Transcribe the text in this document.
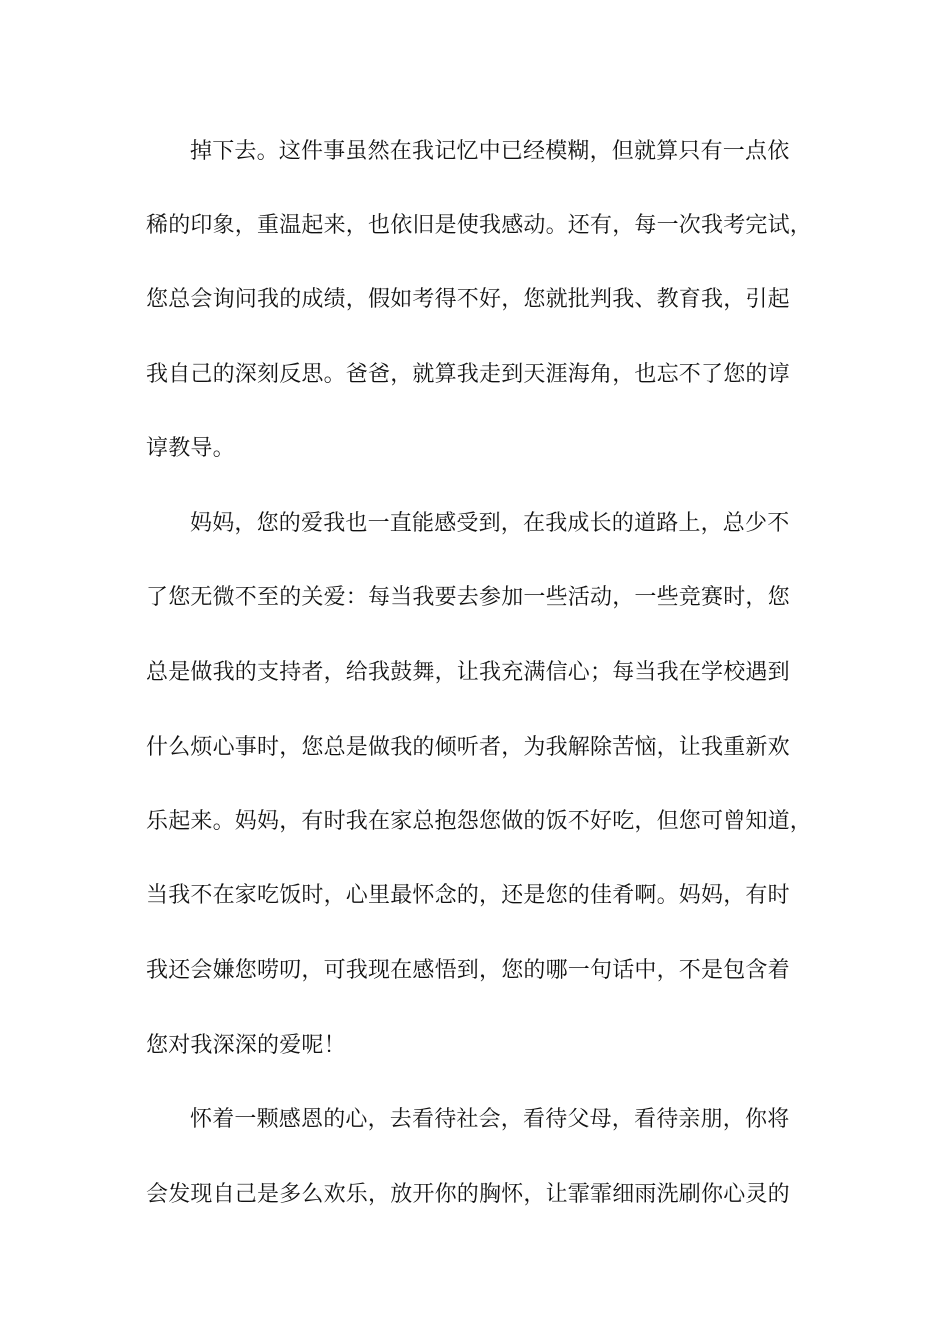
掉下去。这件事虽然在我记忆中已经模糊，但就算只有一点依
稀的印象，重温起来，也依旧是使我感动。还有，每一次我考完试，
您总会询问我的成绩，假如考得不好，您就批判我、教育我，引起
我自己的深刻反思。爸爸，就算我走到天涯海角，也忘不了您的谆
谆教导。
妈妈，您的爱我也一直能感受到，在我成长的道路上，总少不
了您无微不至的关爱：每当我要去参加一些活动，一些竞赛时，您
总是做我的支持者，给我鼓舞，让我充满信心；每当我在学校遇到
什么烦心事时，您总是做我的倾听者，为我解除苦恼，让我重新欢
乐起来。妈妈，有时我在家总抱怨您做的饭不好吃，但您可曾知道，
当我不在家吃饭时，心里最怀念的，还是您的佳肴啊。妈妈，有时
我还会嫌您唠叨，可我现在感悟到，您的哪一句话中，不是包含着
您对我深深的爱呢！
怀着一颗感恩的心，去看待社会，看待父母，看待亲朋，你将
会发现自己是多么欢乐，放开你的胸怀，让霏霏细雨洗刷你心灵的
